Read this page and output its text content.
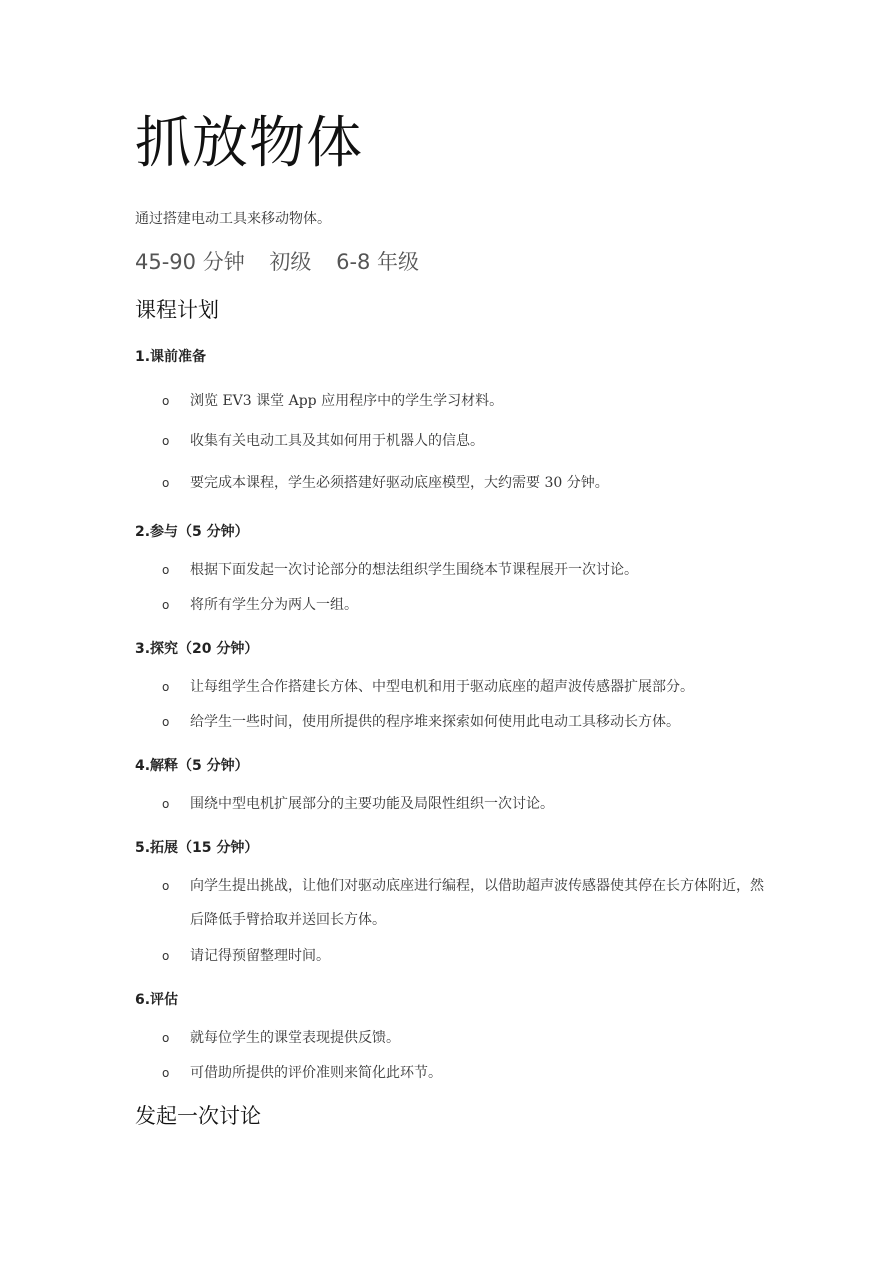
抓放物体

通过搭建电动工具来移动物体。

45-90 分钟 初级 6-8 年级

课程计划
1.课前准备
o 浏览 EV3 课堂 App 应用程序中的学生学习材料。
o 收集有关电动工具及其如何用于机器人的信息。
o 要完成本课程，学生必须搭建好驱动底座模型，大约需要 30 分钟。
2.参与（5 分钟）
o 根据下面发起一次讨论部分的想法组织学生围绕本节课程展开一次讨论。
o 将所有学生分为两人一组。
3.探究（20 分钟）
o 让每组学生合作搭建长方体、中型电机和用于驱动底座的超声波传感器扩展部分。
o 给学生一些时间，使用所提供的程序堆来探索如何使用此电动工具移动长方体。
4.解释（5 分钟）
o 围绕中型电机扩展部分的主要功能及局限性组织一次讨论。
5.拓展（15 分钟）
o 向学生提出挑战，让他们对驱动底座进行编程，以借助超声波传感器使其停在长方体附近，然后降低手臂拾取并送回长方体。
o 请记得预留整理时间。
6.评估
o 就每位学生的课堂表现提供反馈。
o 可借助所提供的评价准则来简化此环节。
发起一次讨论
